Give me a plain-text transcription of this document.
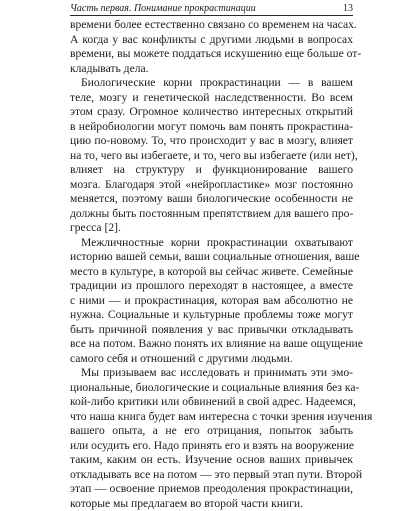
Часть первая. Понимание прокрастинации	13
времени более естественно связано со временем на часах.
А когда у вас конфликты с другими людьми в вопросах
времени, вы можете поддаться искушению еще больше от-
кладывать дела.
Биологические корни прокрастинации — в вашем
теле, мозгу и генетической наследственности. Во всем
этом сразу. Огромное количество интересных открытий
в нейробиологии могут помочь вам понять прокрастина-
цию по-новому. То, что происходит у вас в мозгу, влияет
на то, чего вы избегаете, и то, чего вы избегаете (или нет),
влияет на структуру и функционирование вашего
мозга. Благодаря этой «нейропластике» мозг постоянно
меняется, поэтому ваши биологические особенности не
должны быть постоянным препятствием для вашего про-
гресса [2].
Межличностные корни прокрастинации охватывают
историю вашей семьи, ваши социальные отношения, ваше
место в культуре, в которой вы сейчас живете. Семейные
традиции из прошлого переходят в настоящее, а вместе
с ними — и прокрастинация, которая вам абсолютно не
нужна. Социальные и культурные проблемы тоже могут
быть причиной появления у вас привычки откладывать
все на потом. Важно понять их влияние на ваше ощущение
самого себя и отношений с другими людьми.
Мы призываем вас исследовать и принимать эти эмо-
циональные, биологические и социальные влияния без ка-
кой-либо критики или обвинений в свой адрес. Надеемся,
что наша книга будет вам интересна с точки зрения изучения
вашего опыта, а не его отрицания, попыток забыть
или осудить его. Надо принять его и взять на вооружение
таким, каким он есть. Изучение основ ваших привычек
откладывать все на потом — это первый этап пути. Второй
этап — освоение приемов преодоления прокрастинации,
которые мы предлагаем во второй части книги.
